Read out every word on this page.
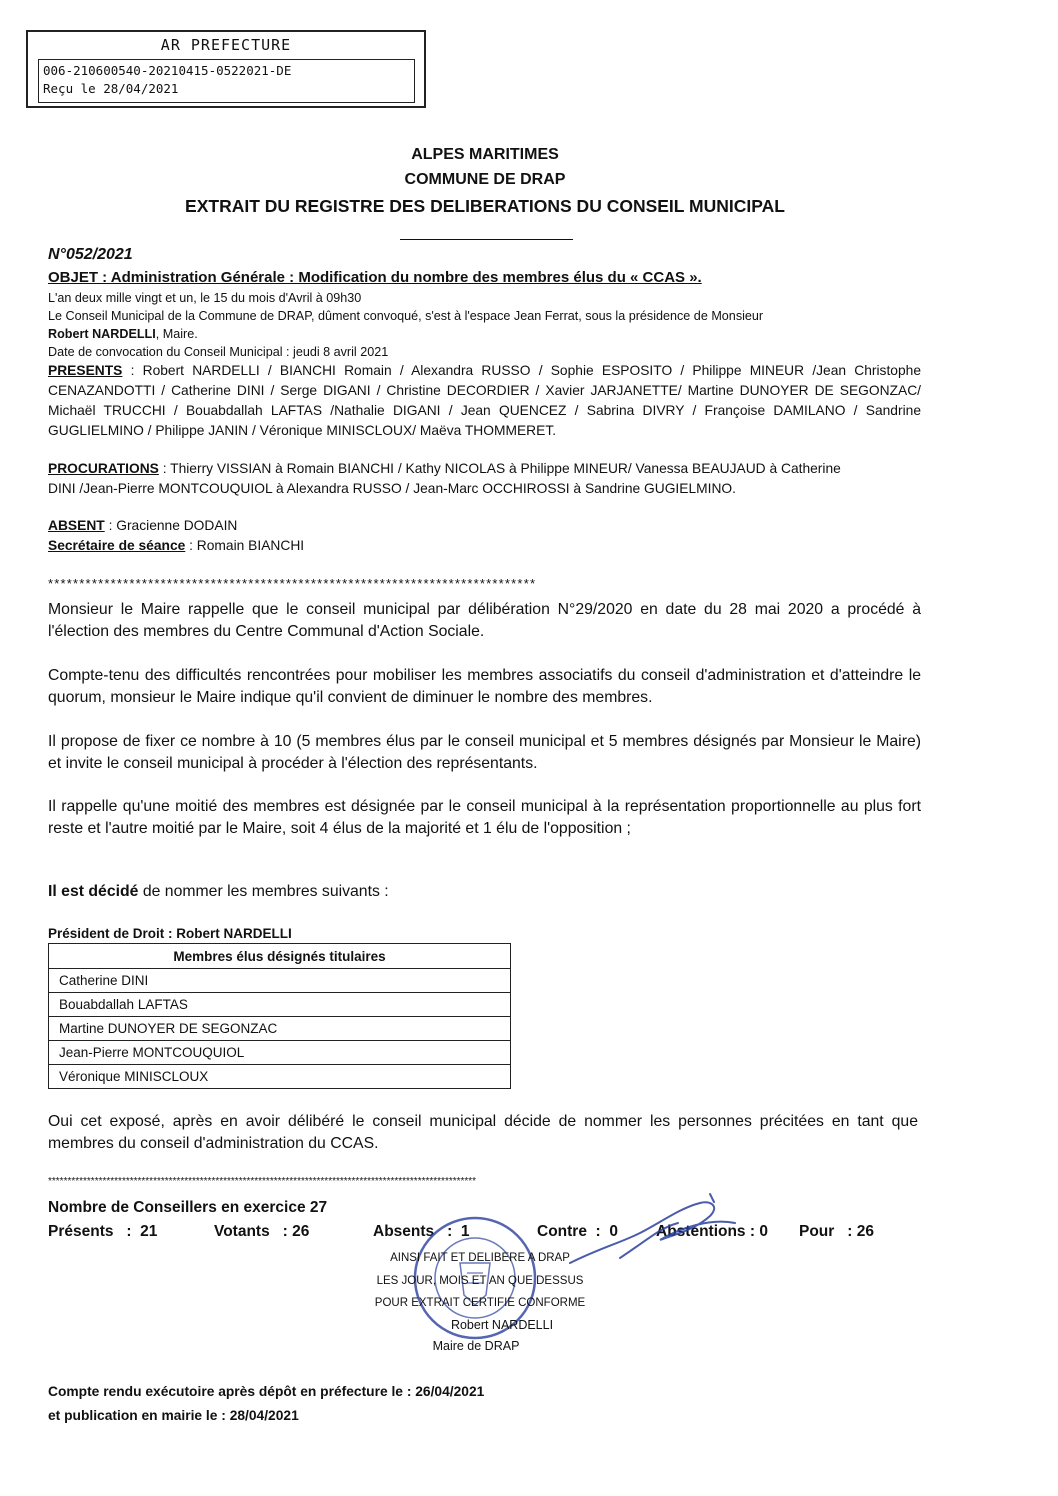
AR PREFECTURE
006-210600540-20210415-0522021-DE
Reçu le 28/04/2021
ALPES MARITIMES
COMMUNE DE DRAP
EXTRAIT DU REGISTRE DES DELIBERATIONS DU CONSEIL MUNICIPAL
N°052/2021
OBJET : Administration Générale : Modification du nombre des membres élus du « CCAS ».
L'an deux mille vingt et un, le 15 du mois d'Avril à 09h30
Le Conseil Municipal de la Commune de DRAP, dûment convoqué, s'est à l'espace Jean Ferrat, sous la présidence de Monsieur
Robert NARDELLI, Maire.
Date de convocation du Conseil Municipal : jeudi 8 avril 2021
PRESENTS : Robert NARDELLI / BIANCHI Romain / Alexandra RUSSO / Sophie ESPOSITO / Philippe MINEUR /Jean Christophe CENAZANDOTTI / Catherine DINI / Serge DIGANI / Christine DECORDIER / Xavier JARJANETTE/ Martine DUNOYER DE SEGONZAC/ Michaël TRUCCHI / Bouabdallah LAFTAS /Nathalie DIGANI / Jean QUENCEZ / Sabrina DIVRY / Françoise DAMILANO / Sandrine GUGLIELMINO / Philippe JANIN / Véronique MINISCLOUX/ Maëva THOMMERET.
PROCURATIONS : Thierry VISSIAN à Romain BIANCHI / Kathy NICOLAS à Philippe MINEUR/ Vanessa BEAUJAUD à Catherine DINI /Jean-Pierre MONTCOUQUIOL à Alexandra RUSSO / Jean-Marc OCCHIROSSI à Sandrine GUGIELMINO.
ABSENT : Gracienne DODAIN
Secrétaire de séance : Romain BIANCHI
******************************************************************************
Monsieur le Maire rappelle que le conseil municipal par délibération N°29/2020 en date du 28 mai 2020 a procédé à l'élection des membres du Centre Communal d'Action Sociale.
Compte-tenu des difficultés rencontrées pour mobiliser les membres associatifs du conseil d'administration et d'atteindre le quorum, monsieur le Maire indique qu'il convient de diminuer le nombre des membres.
Il propose de fixer ce nombre à 10 (5 membres élus par le conseil municipal et 5 membres désignés par Monsieur le Maire) et invite le conseil municipal à procéder à l'élection des représentants.
Il rappelle qu'une moitié des membres est désignée par le conseil municipal à la représentation proportionnelle au plus fort reste et l'autre moitié par le Maire, soit 4 élus de la majorité et 1 élu de l'opposition ;
Il est décidé de nommer les membres suivants :
Président de Droit : Robert NARDELLI
Membres élus désignés titulaires
Catherine DINI
Bouabdallah LAFTAS
Martine DUNOYER DE SEGONZAC
Jean-Pierre MONTCOUQUIOL
Véronique MINISCLOUX
Oui cet exposé, après en avoir délibéré le conseil municipal décide de nommer les personnes précitées en tant que membres du conseil d'administration du CCAS.
**************************************************************************************************************
Nombre de Conseillers en exercice 27
Présents   :  21	Votants   : 26	Absents   :  1	Contre  :  0 Abstentions : 0 Pour   : 26
AINSI FAIT ET DELIBERE A DRAP
LES JOUR, MOIS ET AN QUE DESSUS
POUR EXTRAIT CERTIFIE CONFORME
Robert NARDELLI
Maire de DRAP
Compte rendu exécutoire après dépôt en préfecture le : 26/04/2021
et publication en mairie le : 28/04/2021
